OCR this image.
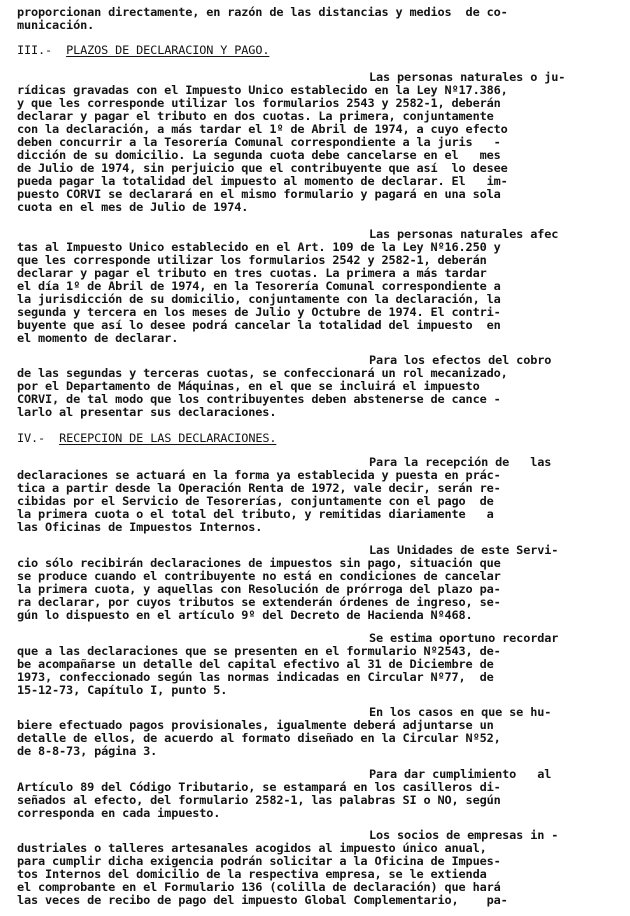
proporcionan directamente, en razón de las distancias y medios  de co-
municación.
III.- PLAZOS DE DECLARACION Y PAGO.
Las personas naturales o ju-
rídicas gravadas con el Impuesto Unico establecido en la Ley Nº17.386,
y que les corresponde utilizar los formularios 2543 y 2582-1, deberán
declarar y pagar el tributo en dos cuotas. La primera, conjuntamente
con la declaración, a más tardar el 1º de Abril de 1974, a cuyo efecto
deben concurrir a la Tesorería Comunal correspondiente a la juris   -
dicción de su domicilio. La segunda cuota debe cancelarse en el   mes
de Julio de 1974, sin perjuicio que el contribuyente que así  lo desee
pueda pagar la totalidad del impuesto al momento de declarar. El   im-
puesto CORVI se declarará en el mismo formulario y pagará en una sola
cuota en el mes de Julio de 1974.
Las personas naturales afec
tas al Impuesto Unico establecido en el Art. 109 de la Ley Nº16.250 y
que les corresponde utilizar los formularios 2542 y 2582-1, deberán
declarar y pagar el tributo en tres cuotas. La primera a más tardar
el día 1º de Abril de 1974, en la Tesorería Comunal correspondiente a
la jurisdicción de su domicilio, conjuntamente con la declaración, la
segunda y tercera en los meses de Julio y Octubre de 1974. El contri-
buyente que así lo desee podrá cancelar la totalidad del impuesto  en
el momento de declarar.
Para los efectos del cobro
de las segundas y terceras cuotas, se confeccionará un rol mecanizado,
por el Departamento de Máquinas, en el que se incluirá el impuesto
CORVI, de tal modo que los contribuyentes deben abstenerse de cance -
larlo al presentar sus declaraciones.
IV.- RECEPCION DE LAS DECLARACIONES.
Para la recepción de   las
declaraciones se actuará en la forma ya establecida y puesta en prác-
tica a partir desde la Operación Renta de 1972, vale decir, serán re-
cibidas por el Servicio de Tesorerías, conjuntamente con el pago  de
la primera cuota o el total del tributo, y remitidas diariamente   a
las Oficinas de Impuestos Internos.
Las Unidades de este Servi-
cio sólo recibirán declaraciones de impuestos sin pago, situación que
se produce cuando el contribuyente no está en condiciones de cancelar
la primera cuota, y aquellas con Resolución de prórroga del plazo pa-
ra declarar, por cuyos tributos se extenderán órdenes de ingreso, se-
gún lo dispuesto en el artículo 9º del Decreto de Hacienda Nº468.
Se estima oportuno recordar
que a las declaraciones que se presenten en el formulario Nº2543, de-
be acompañarse un detalle del capital efectivo al 31 de Diciembre de
1973, confeccionado según las normas indicadas en Circular Nº77,  de
15-12-73, Capítulo I, punto 5.
En los casos en que se hu-
biere efectuado pagos provisionales, igualmente deberá adjuntarse un
detalle de ellos, de acuerdo al formato diseñado en la Circular Nº52,
de 8-8-73, página 3.
Para dar cumplimiento   al
Artículo 89 del Código Tributario, se estampará en los casilleros di-
señados al efecto, del formulario 2582-1, las palabras SI o NO, según
corresponda en cada impuesto.
Los socios de empresas in -
dustriales o talleres artesanales acogidos al impuesto único anual,
para cumplir dicha exigencia podrán solicitar a la Oficina de Impues-
tos Internos del domicilio de la respectiva empresa, se le extienda
el comprobante en el Formulario 136 (colilla de declaración) que hará
las veces de recibo de pago del impuesto Global Complementario,    pa-
